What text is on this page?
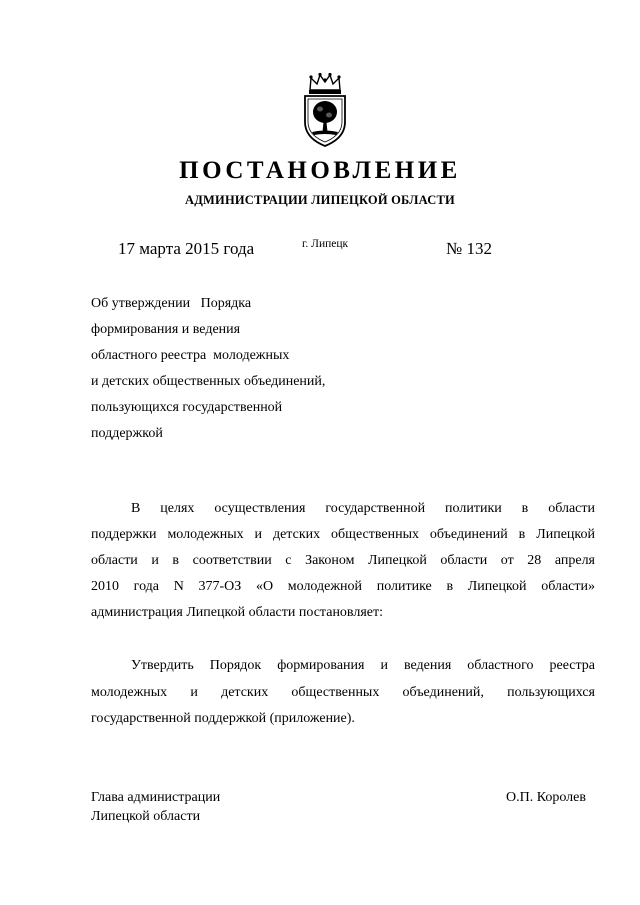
ПОСТАНОВЛЕНИЕ
АДМИНИСТРАЦИИ ЛИПЕЦКОЙ ОБЛАСТИ
17 марта 2015 года	г. Липецк	№ 132
Об утверждении   Порядка
формирования и ведения
областного реестра  молодежных
и детских общественных объединений,
пользующихся государственной
поддержкой
В целях осуществления государственной политики в области
поддержки молодежных и детских общественных объединений в Липецкой
области и в соответствии с Законом Липецкой области от 28 апреля
2010 года N 377-ОЗ «О молодежной политике в Липецкой области»
администрация Липецкой области постановляет:
Утвердить Порядок формирования и ведения областного реестра
молодежных и детских общественных объединений, пользующихся
государственной поддержкой (приложение).
Глава администрации
Липецкой области
О.П. Королев
